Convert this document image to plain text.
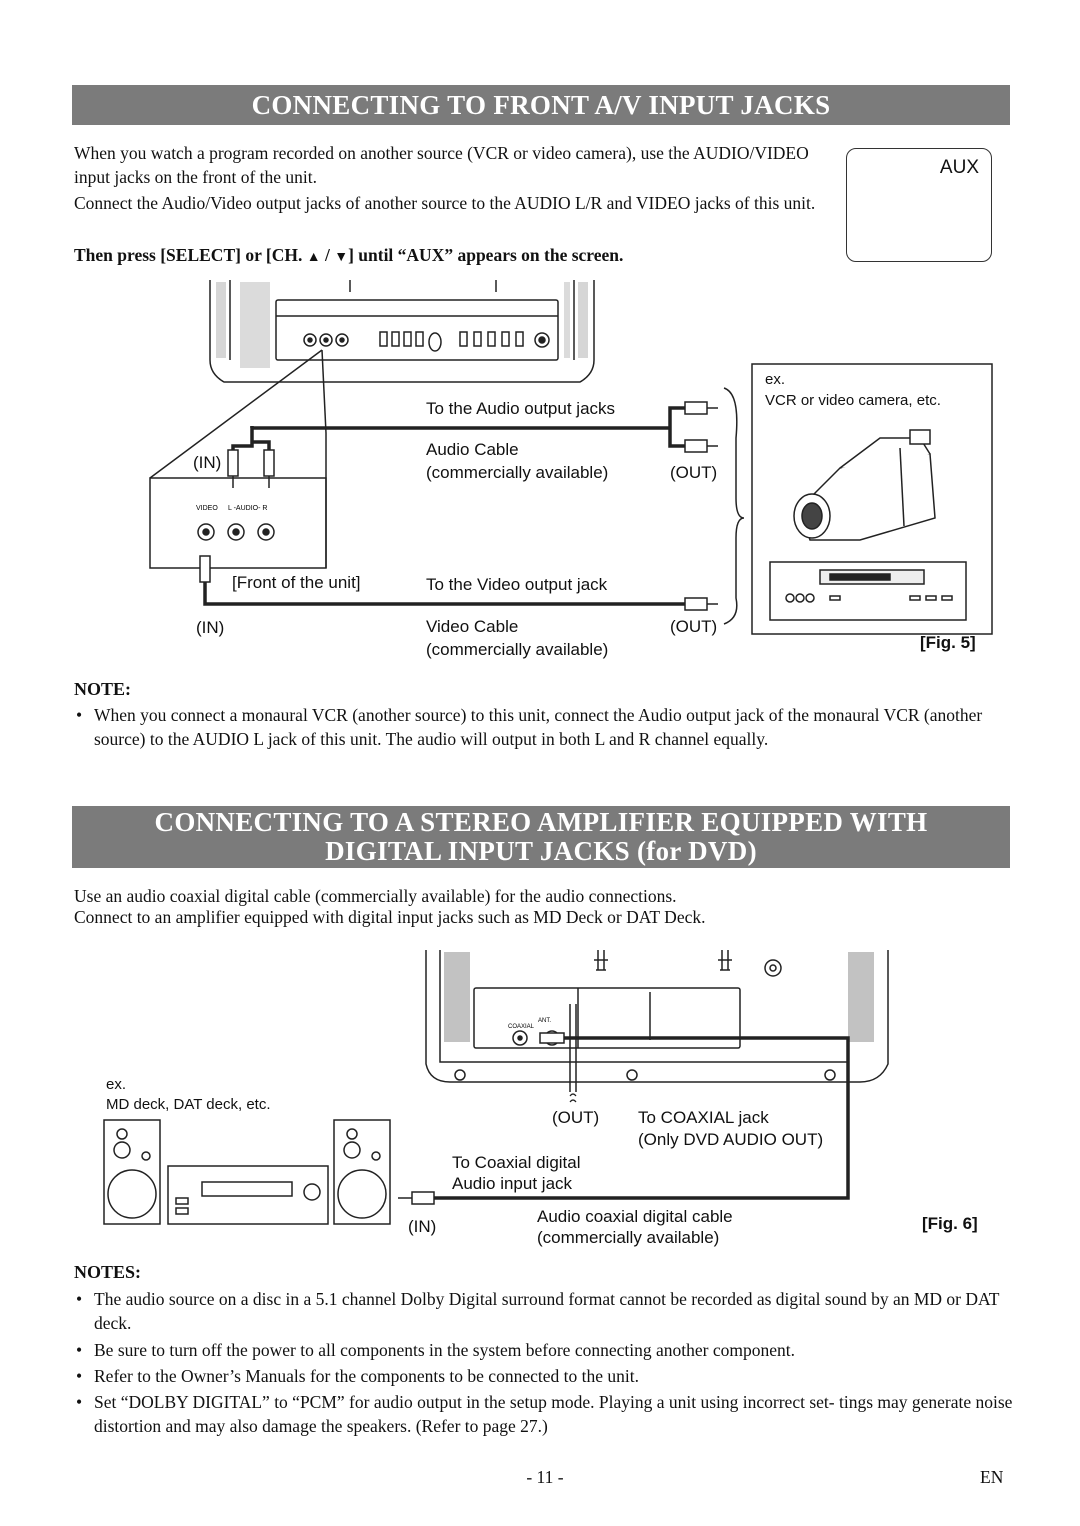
CONNECTING TO FRONT A/V INPUT JACKS
When you watch a program recorded on another source (VCR or video camera), use the AUDIO/VIDEO input jacks on the front of the unit.
Connect the Audio/Video output jacks of another source to the AUDIO L/R and VIDEO jacks of this unit.
Then press [SELECT] or [CH. ▲ / ▼] until “AUX” appears on the screen.
AUX
VIDEO L -AUDIO- R
(IN)
To the Audio output jacks
Audio Cable
(commercially available)	(OUT)
[Front of the unit]	To the Video output jack
(IN)	Video Cable
(commercially available)
(OUT)
ex.
VCR or video camera, etc.
[Fig. 5]
NOTE:
• When you connect a monaural VCR (another source) to this unit, connect the Audio output jack of the monaural VCR (another source) to the AUDIO L jack of this unit. The audio will output in both L and R channel equally.
CONNECTING TO A STEREO AMPLIFIER EQUIPPED WITH
DIGITAL INPUT JACKS (for DVD)
Use an audio coaxial digital cable (commercially available) for the audio connections.
Connect to an amplifier equipped with digital input jacks such as MD Deck or DAT Deck.
COAXIAL
ANT.
ex.
MD deck, DAT deck, etc.
(OUT) To COAXIAL jack
(Only DVD AUDIO OUT)
To Coaxial digital
Audio input jack
(IN)
Audio coaxial digital cable
(commercially available)
[Fig. 6]
NOTES:
• The audio source on a disc in a 5.1 channel Dolby Digital surround format cannot be recorded as digital sound by an MD or DAT deck.
• Be sure to turn off the power to all components in the system before connecting another component.
• Refer to the Owner’s Manuals for the components to be connected to the unit.
• Set “DOLBY DIGITAL” to “PCM” for audio output in the setup mode. Playing a unit using incorrect set- tings may generate noise distortion and may also damage the speakers. (Refer to page 27.)
- 11 -	EN
